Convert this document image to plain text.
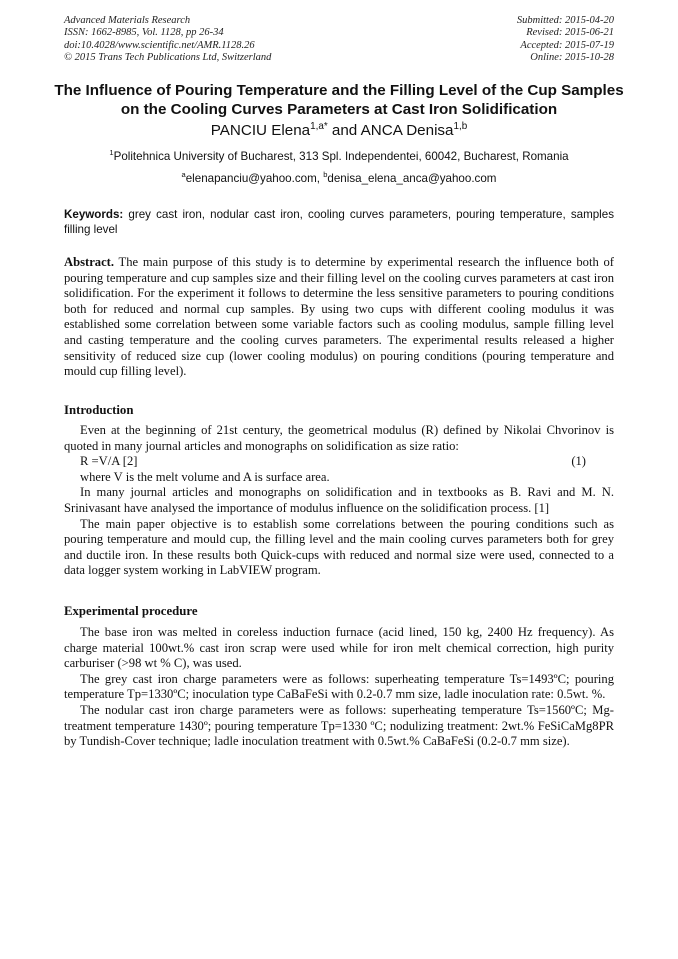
Advanced Materials Research
ISSN: 1662-8985, Vol. 1128, pp 26-34
doi:10.4028/www.scientific.net/AMR.1128.26
© 2015 Trans Tech Publications Ltd, Switzerland
Submitted: 2015-04-20
Revised: 2015-06-21
Accepted: 2015-07-19
Online: 2015-10-28
The Influence of Pouring Temperature and the Filling Level of the Cup Samples on the Cooling Curves Parameters at Cast Iron Solidification
PANCIU Elena$^{1,a*}$ and ANCA Denisa$^{1,b}$
$^1$Politehnica University of Bucharest, 313 Spl. Independentei, 60042, Bucharest, Romania
$^a$elenapanciu@yahoo.com, $^b$denisa_elena_anca@yahoo.com
Keywords: grey cast iron, nodular cast iron, cooling curves parameters, pouring temperature, samples filling level

Abstract. The main purpose of this study is to determine by experimental research the influence both of pouring temperature and cup samples size and their filling level on the cooling curves parameters at cast iron solidification. For the experiment it follows to determine the less sensitive parameters to pouring conditions both for reduced and normal cup samples. By using two cups with different cooling modulus it was established some correlation between some variable factors such as cooling modulus, sample filling level and casting temperature and the cooling curves parameters. The experimental results released a higher sensitivity of reduced size cup (lower cooling modulus) on pouring conditions (pouring temperature and mould cup filling level).

Introduction

Even at the beginning of 21st century, the geometrical modulus (R) defined by Nikolai Chvorinov is quoted in many journal articles and monographs on solidification as size ratio:

R =V/A [2]	(1)

where V is the melt volume and A is surface area.

In many journal articles and monographs on solidification and in textbooks as B. Ravi and M. N. Srinivasant have analysed the importance of modulus influence on the solidification process. [1]

The main paper objective is to establish some correlations between the pouring conditions such as pouring temperature and mould cup, the filling level and the main cooling curves parameters both for grey and ductile iron. In these results both Quick-cups with reduced and normal size were used, connected to a data logger system working in LabVIEW program.

Experimental procedure

The base iron was melted in coreless induction furnace (acid lined, 150 kg, 2400 Hz frequency). As charge material 100wt.% cast iron scrap were used while for iron melt chemical correction, high purity carburiser (>98 wt % C), was used.

The grey cast iron charge parameters were as follows: superheating temperature Ts=1493ºC; pouring temperature Tp=1330ºC; inoculation type CaBaFeSi with 0.2-0.7 mm size, ladle inoculation rate: 0.5wt. %.

The nodular cast iron charge parameters were as follows: superheating temperature Ts=1560ºC; Mg-treatment temperature 1430º; pouring temperature Tp=1330 ºC; nodulizing treatment: 2wt.% FeSiCaMg8PR by Tundish-Cover technique; ladle inoculation treatment with 0.5wt.% CaBaFeSi (0.2-0.7 mm size).
